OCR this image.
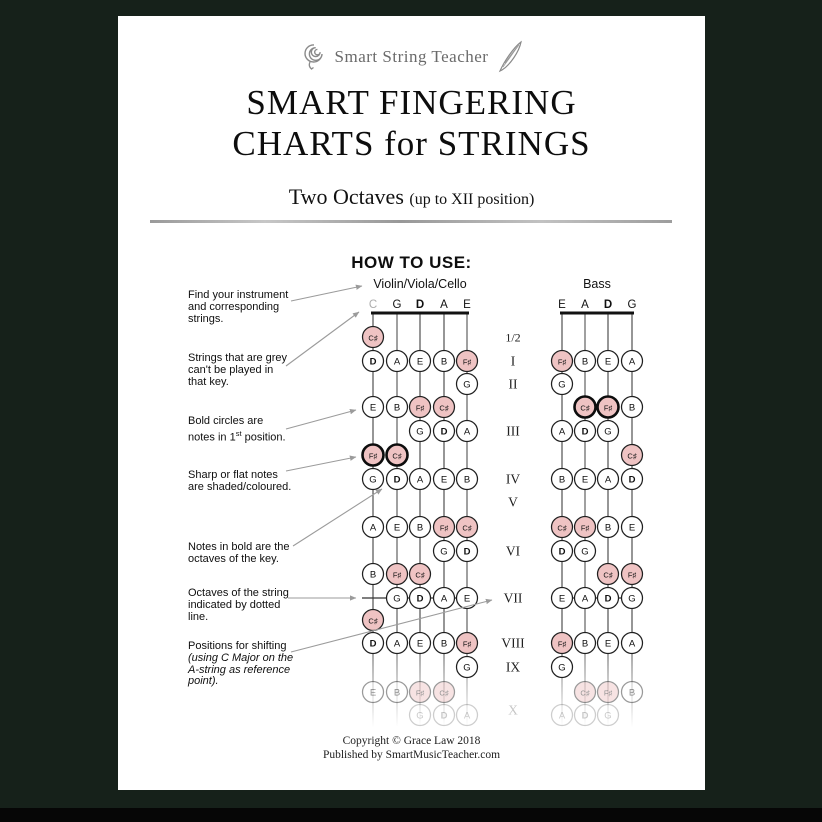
Smart String Teacher
SMART FINGERING
CHARTS for STRINGS
Two Octaves (up to XII position)
HOW TO USE:
Find your instrument
and corresponding
strings.
Strings that are grey
can't be played in
that key.
Bold circles are
notes in 1st position.
Sharp or flat notes
are shaded/coloured.
Notes in bold are the
octaves of the key.
Octaves of the string
indicated by dotted
line.
Positions for shifting
(using C Major on the
A-string as reference
point).
Violin/Viola/Cello	Bass
C G D A E
C♯
D A E B F♯
G
E B F♯ C♯
G D A
F♯ C♯
G D A E B
A E B F♯ C♯
G D
B F♯ C♯
G D A E
C♯
D A E B F♯
G
E B F♯ C♯
G D A
E A D G
F♯ B E A
G
C♯ F♯ B
A D G
C♯
B E A D
C♯ F♯ B E
D G
C♯ F♯
E A D G
F♯ B E A
G
C♯ F♯ B
A D G
1/2
I
II
III
IV
V
VI
VII
VIII
IX
X
Copyright © Grace Law 2018
Published by SmartMusicTeacher.com
